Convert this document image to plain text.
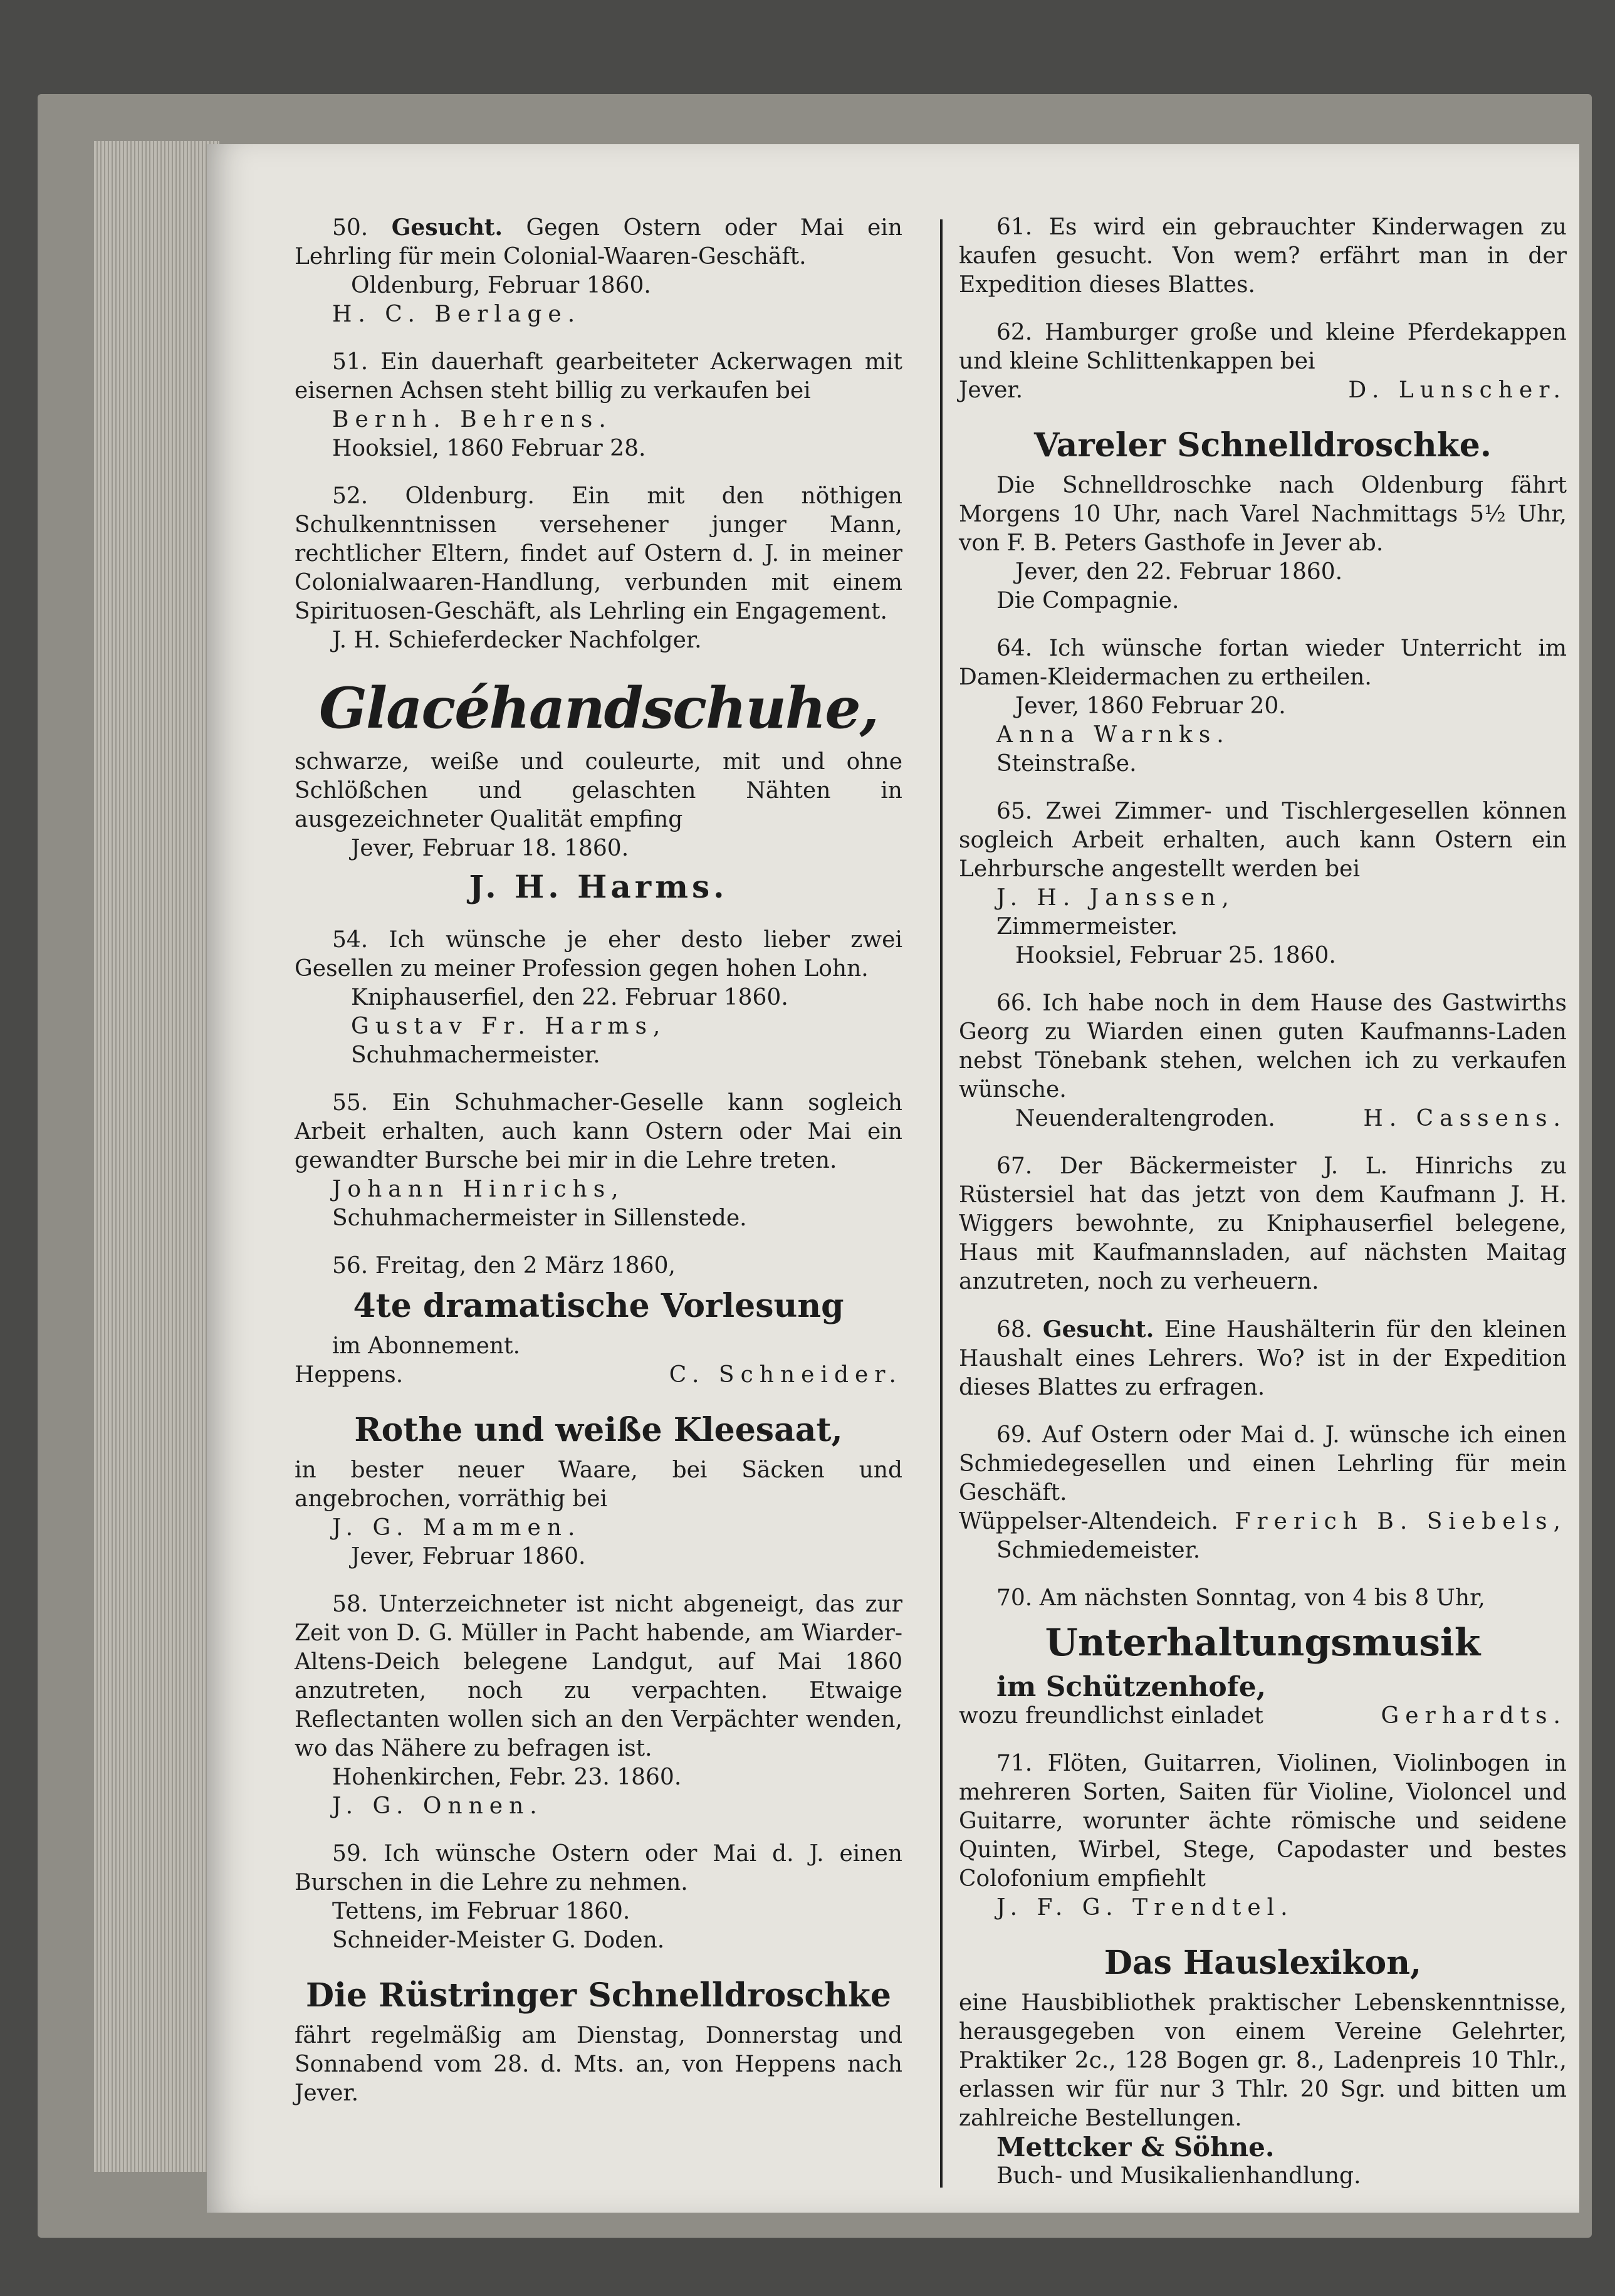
50. Gesucht. Gegen Ostern oder Mai ein Lehrling für mein Colonial-Waaren-Geschäft.

Oldenburg, Februar 1860.

H. C. Berlage.

51. Ein dauerhaft gearbeiteter Ackerwagen mit eisernen Achsen steht billig zu verkaufen bei

Bernh. Behrens.

Hooksiel, 1860 Februar 28.

52. Oldenburg. Ein mit den nöthigen Schulkenntnissen versehener junger Mann, rechtlicher Eltern, findet auf Ostern d. J. in meiner Colonialwaaren-Handlung, verbunden mit einem Spirituosen-Geschäft, als Lehrling ein Engagement.

J. H. Schieferdecker Nachfolger.

Glacéhandschuhe,

schwarze, weiße und couleurte, mit und ohne Schlößchen und gelaschten Nähten in ausgezeichneter Qualität empfing

Jever, Februar 18. 1860.

J. H. Harms.

54. Ich wünsche je eher desto lieber zwei Gesellen zu meiner Profession gegen hohen Lohn.

Kniphauserfiel, den 22. Februar 1860.

Gustav Fr. Harms,

Schuhmachermeister.

55. Ein Schuhmacher-Geselle kann sogleich Arbeit erhalten, auch kann Ostern oder Mai ein gewandter Bursche bei mir in die Lehre treten.

Johann Hinrichs,

Schuhmachermeister in Sillenstede.

56. Freitag, den 2 März 1860,

4te dramatische Vorlesung

im Abonnement.

Heppens.	C. Schneider.

Rothe und weiße Kleesaat,

in bester neuer Waare, bei Säcken und angebrochen, vorräthig bei

J. G. Mammen.

Jever, Februar 1860.

58. Unterzeichneter ist nicht abgeneigt, das zur Zeit von D. G. Müller in Pacht habende, am Wiarder-Altens-Deich belegene Landgut, auf Mai 1860 anzutreten, noch zu verpachten. Etwaige Reflectanten wollen sich an den Verpächter wenden, wo das Nähere zu befragen ist.

Hohenkirchen, Febr. 23. 1860.

J. G. Onnen.

59. Ich wünsche Ostern oder Mai d. J. einen Burschen in die Lehre zu nehmen.

Tettens, im Februar 1860.

Schneider-Meister G. Doden.

Die Rüstringer Schnelldroschke

fährt regelmäßig am Dienstag, Donnerstag und Sonnabend vom 28. d. Mts. an, von Heppens nach Jever.

61. Es wird ein gebrauchter Kinderwagen zu kaufen gesucht. Von wem? erfährt man in der Expedition dieses Blattes.

62. Hamburger große und kleine Pferdekappen und kleine Schlittenkappen bei

Jever.	D. Lunscher.

Vareler Schnelldroschke.

Die Schnelldroschke nach Oldenburg fährt Morgens 10 Uhr, nach Varel Nachmittags 5½ Uhr, von F. B. Peters Gasthofe in Jever ab.

Jever, den 22. Februar 1860.

Die Compagnie.

64. Ich wünsche fortan wieder Unterricht im Damen-Kleidermachen zu ertheilen.

Jever, 1860 Februar 20.

Anna Warnks.

Steinstraße.

65. Zwei Zimmer- und Tischlergesellen können sogleich Arbeit erhalten, auch kann Ostern ein Lehrbursche angestellt werden bei

J. H. Janssen,

Zimmermeister.

Hooksiel, Februar 25. 1860.

66. Ich habe noch in dem Hause des Gastwirths Georg zu Wiarden einen guten Kaufmanns-Laden nebst Tönebank stehen, welchen ich zu verkaufen wünsche.

Neuenderaltengroden.	H. Cassens.

67. Der Bäckermeister J. L. Hinrichs zu Rüstersiel hat das jetzt von dem Kaufmann J. H. Wiggers bewohnte, zu Kniphauserfiel belegene, Haus mit Kaufmannsladen, auf nächsten Maitag anzutreten, noch zu verheuern.

68. Gesucht. Eine Haushälterin für den kleinen Haushalt eines Lehrers. Wo? ist in der Expedition dieses Blattes zu erfragen.

69. Auf Ostern oder Mai d. J. wünsche ich einen Schmiedegesellen und einen Lehrling für mein Geschäft.

Wüppelser-Altendeich. Frerich B. Siebels,

Schmiedemeister.

70. Am nächsten Sonntag, von 4 bis 8 Uhr,

Unterhaltungsmusik

im Schützenhofe,

wozu freundlichst einladet	Gerhardts.

71. Flöten, Guitarren, Violinen, Violinbogen in mehreren Sorten, Saiten für Violine, Violoncel und Guitarre, worunter ächte römische und seidene Quinten, Wirbel, Stege, Capodaster und bestes Colofonium empfiehlt

J. F. G. Trendtel.

Das Hauslexikon,

eine Hausbibliothek praktischer Lebenskenntnisse, herausgegeben von einem Vereine Gelehrter, Praktiker 2c., 128 Bogen gr. 8., Ladenpreis 10 Thlr., erlassen wir für nur 3 Thlr. 20 Sgr. und bitten um zahlreiche Bestellungen.

Mettcker & Söhne.

Buch- und Musikalienhandlung.
